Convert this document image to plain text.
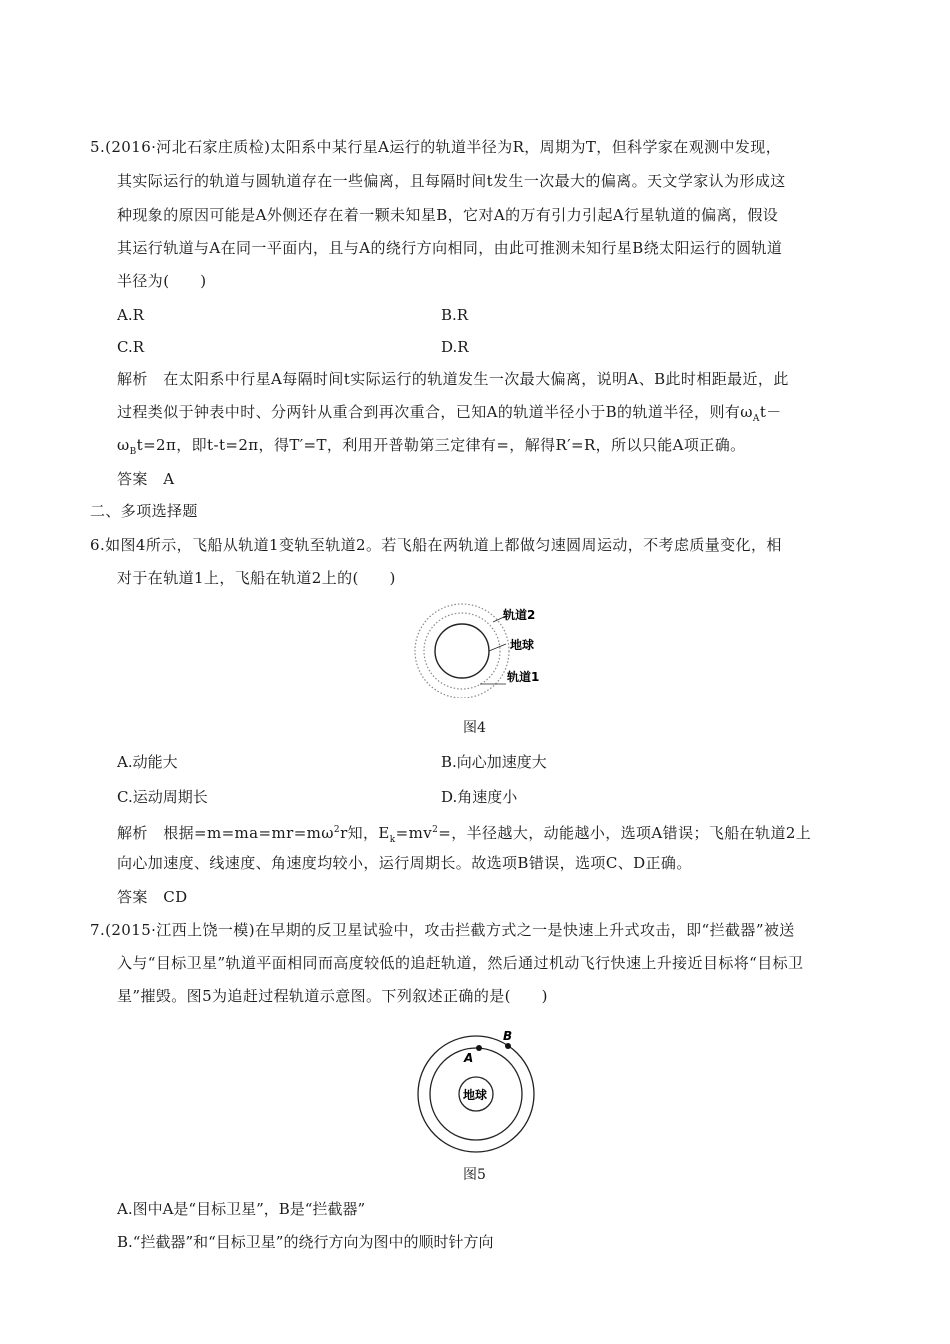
5.(2016·河北石家庄质检)太阳系中某行星A运行的轨道半径为R，周期为T，但科学家在观测中发现，
其实际运行的轨道与圆轨道存在一些偏离，且每隔时间t发生一次最大的偏离。天文学家认为形成这
种现象的原因可能是A外侧还存在着一颗未知星B，它对A的万有引力引起A行星轨道的偏离，假设
其运行轨道与A在同一平面内，且与A的绕行方向相同，由此可推测未知行星B绕太阳运行的圆轨道
半径为(　　)
A.R	B.R
C.R	D.R
解析　在太阳系中行星A每隔时间t实际运行的轨道发生一次最大偏离，说明A、B此时相距最近，此
过程类似于钟表中时、分两针从重合到再次重合，已知A的轨道半径小于B的轨道半径，则有$\omega_At-$
$\omega_Bt=2\pi$，即t-t=2π，得T′=T，利用开普勒第三定律有=，解得R′=R，所以只能A项正确。
答案　A
二、多项选择题
6.如图4所示，飞船从轨道1变轨至轨道2。若飞船在两轨道上都做匀速圆周运动，不考虑质量变化，相
对于在轨道1上，飞船在轨道2上的(　　)
轨道2
地球
轨道1
图4
A.动能大	B.向心加速度大
C.运动周期长	D.角速度小
解析　根据$=m=ma=mr=m\omega^2r$知，$E_k=mv^2=$，半径越大，动能越小，选项A错误；飞船在轨道2上
向心加速度、线速度、角速度均较小，运行周期长。故选项B错误，选项C、D正确。
答案　CD
7.(2015·江西上饶一模)在早期的反卫星试验中，攻击拦截方式之一是快速上升式攻击，即“拦截器”被送
入与“目标卫星”轨道平面相同而高度较低的追赶轨道，然后通过机动飞行快速上升接近目标将“目标卫
星”摧毁。图5为追赶过程轨道示意图。下列叙述正确的是(　　)
B
A
地球
图5
A.图中A是“目标卫星”，B是“拦截器”
B.“拦截器”和“目标卫星”的绕行方向为图中的顺时针方向
